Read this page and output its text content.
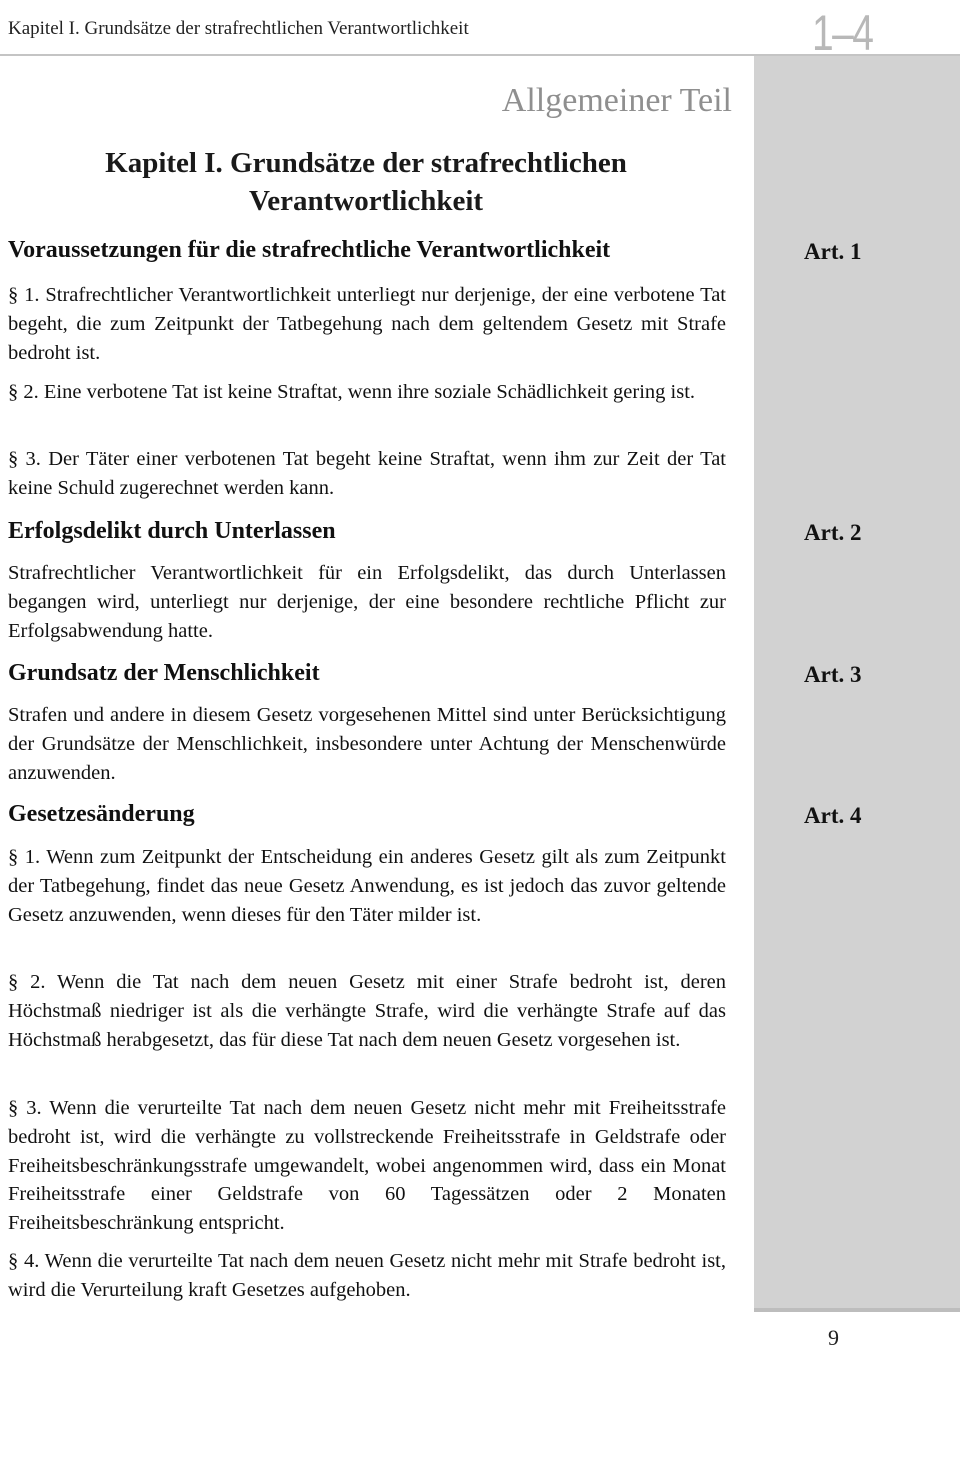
Kapitel I. Grundsätze der strafrechtlichen Verantwortlichkeit	1–4
Allgemeiner Teil
Kapitel I. Grundsätze der strafrechtlichen
Verantwortlichkeit
Voraussetzungen für die strafrechtliche Verantwortlichkeit	Art. 1
§ 1. Strafrechtlicher Verantwortlichkeit unterliegt nur derjenige, der eine verbotene Tat begeht, die zum Zeitpunkt der Tatbegehung nach dem geltendem Gesetz mit Strafe bedroht ist.
§ 2. Eine verbotene Tat ist keine Straftat, wenn ihre soziale Schädlichkeit gering ist.
§ 3. Der Täter einer verbotenen Tat begeht keine Straftat, wenn ihm zur Zeit der Tat keine Schuld zugerechnet werden kann.
Erfolgsdelikt durch Unterlassen	Art. 2
Strafrechtlicher Verantwortlichkeit für ein Erfolgsdelikt, das durch Unterlassen begangen wird, unterliegt nur derjenige, der eine besondere rechtliche Pflicht zur Erfolgsabwendung hatte.
Grundsatz der Menschlichkeit	Art. 3
Strafen und andere in diesem Gesetz vorgesehenen Mittel sind unter Berücksichtigung der Grundsätze der Menschlichkeit, insbesondere unter Achtung der Menschenwürde anzuwenden.
Gesetzesänderung	Art. 4
§ 1. Wenn zum Zeitpunkt der Entscheidung ein anderes Gesetz gilt als zum Zeitpunkt der Tatbegehung, findet das neue Gesetz Anwendung, es ist jedoch das zuvor geltende Gesetz anzuwenden, wenn dieses für den Täter milder ist.
§ 2. Wenn die Tat nach dem neuen Gesetz mit einer Strafe bedroht ist, deren Höchstmaß niedriger ist als die verhängte Strafe, wird die verhängte Strafe auf das Höchstmaß herabgesetzt, das für diese Tat nach dem neuen Gesetz vorgesehen ist.
§ 3. Wenn die verurteilte Tat nach dem neuen Gesetz nicht mehr mit Freiheitsstrafe bedroht ist, wird die verhängte zu vollstreckende Freiheitsstrafe in Geldstrafe oder Freiheitsbeschränkungsstrafe umgewandelt, wobei angenommen wird, dass ein Monat Freiheitsstrafe einer Geldstrafe von 60 Tagessätzen oder 2 Monaten Freiheitsbeschränkung entspricht.
§ 4. Wenn die verurteilte Tat nach dem neuen Gesetz nicht mehr mit Strafe bedroht ist, wird die Verurteilung kraft Gesetzes aufgehoben.
9
